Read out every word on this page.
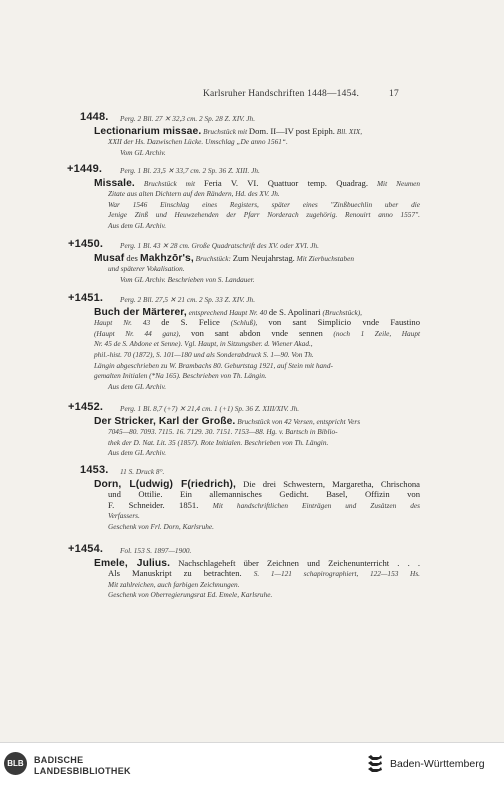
Karlsruher Handschriften 1448—1454.	17
1448. Perg. 2 Bll. 27 ✕ 32,3 cm. 2 Sp. 28 Z. XIV. Jh.
Lectionarium missae. Bruchstück mit Dom. II—IV post Epiph. Bll. XIX,
XXII der Hs. Dazwischen Lücke. Umschlag „De anno 1561“.
Vom GL Archiv.
+1449. Perg. 1 Bl. 23,5 ✕ 33,7 cm. 2 Sp. 36 Z. XIII. Jh.
Missale. Bruchstück mit Feria V. VI. Quattuor temp. Quadrag. Mit Neumen
Zitate aus alten Dichtern auf den Rändern, Hd. des XV. Jh.
War 1546 Einschlag eines Registers, später eines "Zinßbuechlin uber die
Jenige Zinß und Heuwzehenden der Pfarr Norderach zugehörig. Renouirt anno 1557".
Aus dem GL Archiv.
+1450. Perg. 1 Bl. 43 ✕ 28 cm. Große Quadratschrift des XV. oder XVI. Jh.
Musaf des Makhzōr's, Bruchstück: Zum Neujahrstag. Mit Zierbuchstaben
und späterer Vokalisation.
Vom GL Archiv. Beschrieben von S. Landauer.
+1451. Perg. 2 Bll. 27,5 ✕ 21 cm. 2 Sp. 33 Z. XIV. Jh.
Buch der Märterer, entsprechend Haupt Nr. 40 de S. Apolinari (Bruchstück),
Haupt Nr. 43 de S. Felice (Schluß), von sant Simplicio vnde Faustino
(Haupt Nr. 44 ganz), von sant abdon vnde sennen (noch 1 Zeile, Haupt
Nr. 45 de S. Abdone et Senne). Vgl. Haupt, in Sitzungsber. d. Wiener Akad.,
phil.-hist. 70 (1872), S. 101—180 und als Sonderabdruck S. 1—90. Von Th.
Längin abgeschrieben zu W. Brambachs 80. Geburtstag 1921, auf Stein mit hand-
gemalten Initialen (*Na 165). Beschrieben von Th. Längin.
Aus dem GL Archiv.
+1452. Perg. 1 Bl. 8,7 (+7) ✕ 21,4 cm. 1 (+1) Sp. 36 Z. XIII/XIV. Jh.
Der Stricker, Karl der Große. Bruchstück von 42 Versen, entspricht Vers
7045—80. 7093. 7115. 16. 7129. 30. 7151. 7153—88. Hg. v. Bartsch in Biblio-
thek der D. Nat. Lit. 35 (1857). Rote Initialen. Beschrieben von Th. Längin.
Aus dem GL Archiv.
1453. 11 S. Druck 8°.
Dorn, L(udwig) F(riedrich), Die drei Schwestern, Margaretha, Chrischona
und Ottilie. Ein allemannisches Gedicht. Basel, Offizin von
F. Schneider. 1851. Mit handschriftlichen Einträgen und Zusätzen des
Verfassers.
Geschenk von Frl. Dorn, Karlsruhe.
+1454. Fol. 153 S. 1897—1900.
Emele, Julius. Nachschlageheft über Zeichnen und Zeichenunterricht . . .
Als Manuskript zu betrachten. S. 1—121 schapirographiert, 122—153 Hs.
Mit zahlreichen, auch farbigen Zeichnungen.
Geschenk von Oberregierungsrat Ed. Emele, Karlsruhe.
BLB	BADISCHE
LANDESBIBLIOTHEK
Baden-Württemberg
